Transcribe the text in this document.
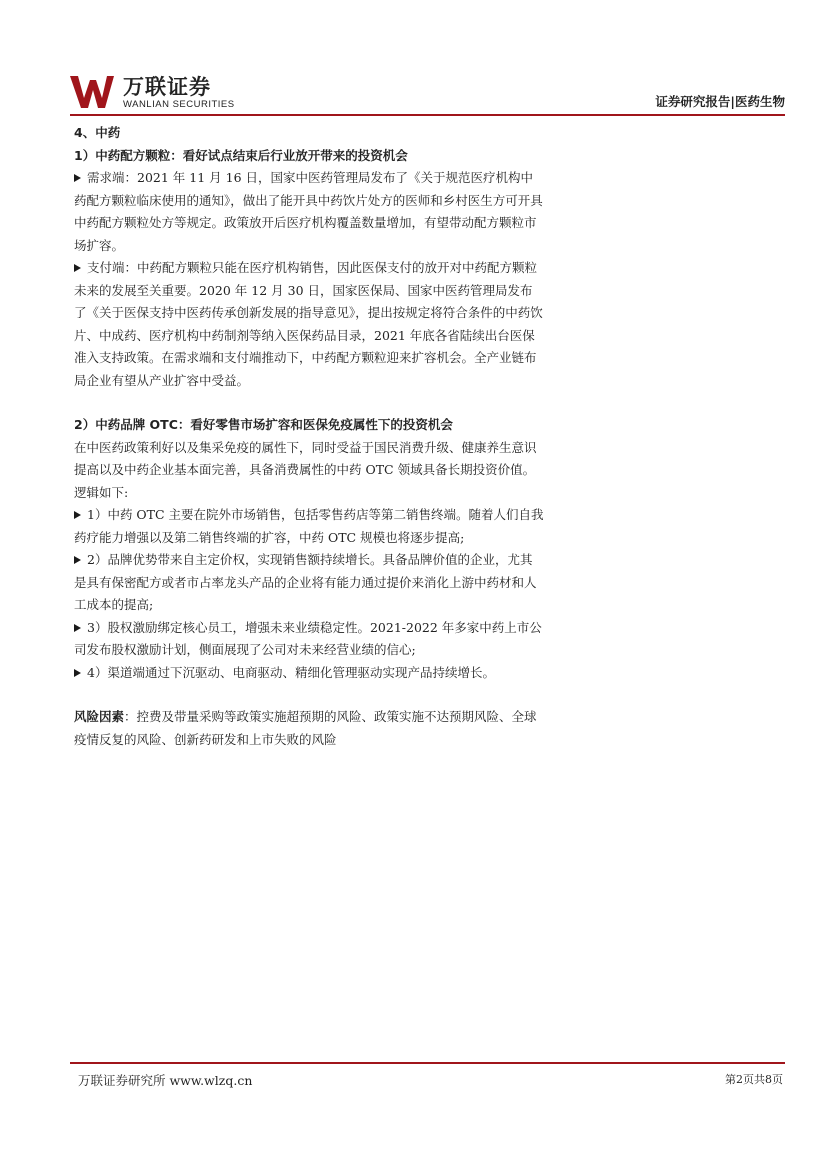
万联证券
WANLIAN SECURITIES	证券研究报告|医药生物

4、中药

1）中药配方颗粒：看好试点结束后行业放开带来的投资机会

需求端：2021 年 11 月 16 日，国家中医药管理局发布了《关于规范医疗机构中药配方颗粒临床使用的通知》，做出了能开具中药饮片处方的医师和乡村医生方可开具中药配方颗粒处方等规定。政策放开后医疗机构覆盖数量增加，有望带动配方颗粒市场扩容。

支付端：中药配方颗粒只能在医疗机构销售，因此医保支付的放开对中药配方颗粒未来的发展至关重要。2020 年 12 月 30 日，国家医保局、国家中医药管理局发布了《关于医保支持中医药传承创新发展的指导意见》，提出按规定将符合条件的中药饮片、中成药、医疗机构中药制剂等纳入医保药品目录，2021 年底各省陆续出台医保准入支持政策。在需求端和支付端推动下，中药配方颗粒迎来扩容机会。全产业链布局企业有望从产业扩容中受益。

2）中药品牌 OTC：看好零售市场扩容和医保免疫属性下的投资机会

在中医药政策利好以及集采免疫的属性下，同时受益于国民消费升级、健康养生意识提高以及中药企业基本面完善，具备消费属性的中药 OTC 领域具备长期投资价值。逻辑如下:

1）中药 OTC 主要在院外市场销售，包括零售药店等第二销售终端。随着人们自我药疗能力增强以及第二销售终端的扩容，中药 OTC 规模也将逐步提高;

2）品牌优势带来自主定价权，实现销售额持续增长。具备品牌价值的企业，尤其是具有保密配方或者市占率龙头产品的企业将有能力通过提价来消化上游中药材和人工成本的提高;

3）股权激励绑定核心员工，增强未来业绩稳定性。2021-2022 年多家中药上市公司发布股权激励计划，侧面展现了公司对未来经营业绩的信心;

4）渠道端通过下沉驱动、电商驱动、精细化管理驱动实现产品持续增长。

风险因素：控费及带量采购等政策实施超预期的风险、政策实施不达预期风险、全球疫情反复的风险、创新药研发和上市失败的风险

万联证券研究所 www.wlzq.cn	第2页共8页
